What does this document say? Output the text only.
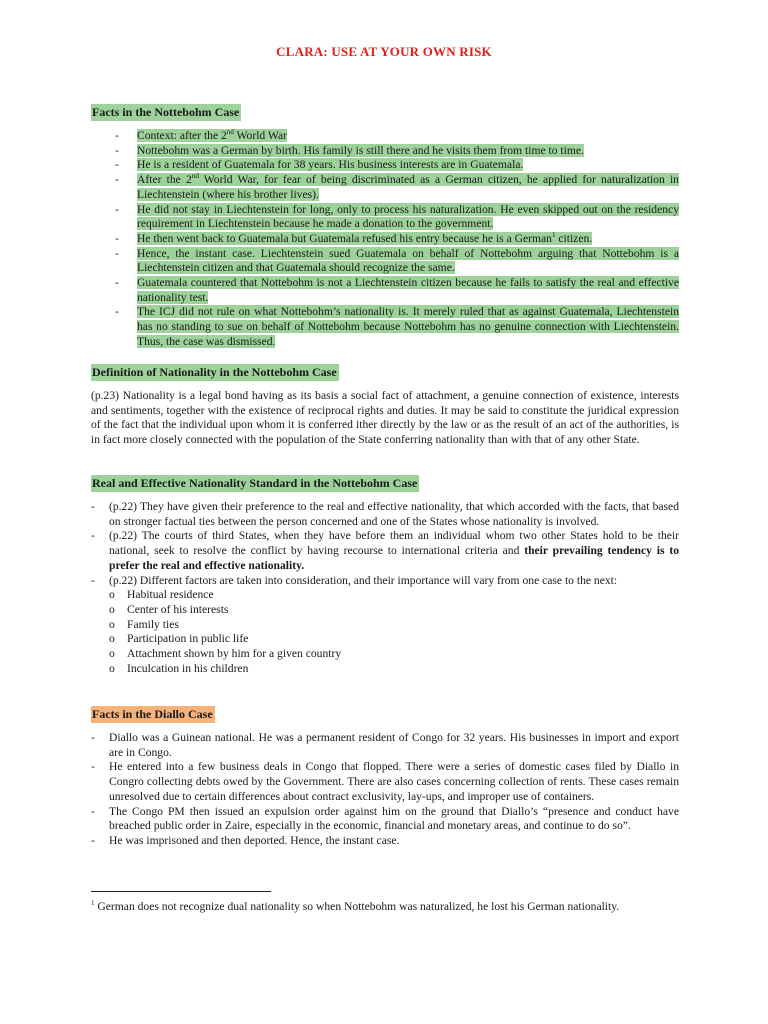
CLARA: USE AT YOUR OWN RISK
Facts in the Nottebohm Case
- Context: after the 2nd World War
- Nottebohm was a German by birth. His family is still there and he visits them from time to time.
- He is a resident of Guatemala for 38 years. His business interests are in Guatemala.
- After the 2nd World War, for fear of being discriminated as a German citizen, he applied for naturalization in Liechtenstein (where his brother lives).
- He did not stay in Liechtenstein for long, only to process his naturalization. He even skipped out on the residency requirement in Liechtenstein because he made a donation to the government.
- He then went back to Guatemala but Guatemala refused his entry because he is a German$^1$ citizen.
- Hence, the instant case. Liechtenstein sued Guatemala on behalf of Nottebohm arguing that Nottebohm is a Liechtenstein citizen and that Guatemala should recognize the same.
- Guatemala countered that Nottebohm is not a Liechtenstein citizen because he fails to satisfy the real and effective nationality test.
- The ICJ did not rule on what Nottebohm’s nationality is. It merely ruled that as against Guatemala, Liechtenstein has no standing to sue on behalf of Nottebohm because Nottebohm has no genuine connection with Liechtenstein. Thus, the case was dismissed.
Definition of Nationality in the Nottebohm Case
(p.23) Nationality is a legal bond having as its basis a social fact of attachment, a genuine connection of existence, interests and sentiments, together with the existence of reciprocal rights and duties. It may be said to constitute the juridical expression of the fact that the individual upon whom it is conferred ither directly by the law or as the result of an act of the authorities, is in fact more closely connected with the population of the State conferring nationality than with that of any other State.
Real and Effective Nationality Standard in the Nottebohm Case
- (p.22) They have given their preference to the real and effective nationality, that which accorded with the facts, that based on stronger factual ties between the person concerned and one of the States whose nationality is involved.
- (p.22) The courts of third States, when they have before them an individual whom two other States hold to be their national, seek to resolve the conflict by having recourse to international criteria and their prevailing tendency is to prefer the real and effective nationality.
- (p.22) Different factors are taken into consideration, and their importance will vary from one case to the next:
o Habitual residence
o Center of his interests
o Family ties
o Participation in public life
o Attachment shown by him for a given country
o Inculcation in his children
Facts in the Diallo Case
- Diallo was a Guinean national. He was a permanent resident of Congo for 32 years. His businesses in import and export are in Congo.
- He entered into a few business deals in Congo that flopped. There were a series of domestic cases filed by Diallo in Congro collecting debts owed by the Government. There are also cases concerning collection of rents. These cases remain unresolved due to certain differences about contract exclusivity, lay-ups, and improper use of containers.
- The Congo PM then issued an expulsion order against him on the ground that Diallo’s “presence and conduct have breached public order in Zaire, especially in the economic, financial and monetary areas, and continue to do so”.
- He was imprisoned and then deported. Hence, the instant case.
$^1$ German does not recognize dual nationality so when Nottebohm was naturalized, he lost his German nationality.
